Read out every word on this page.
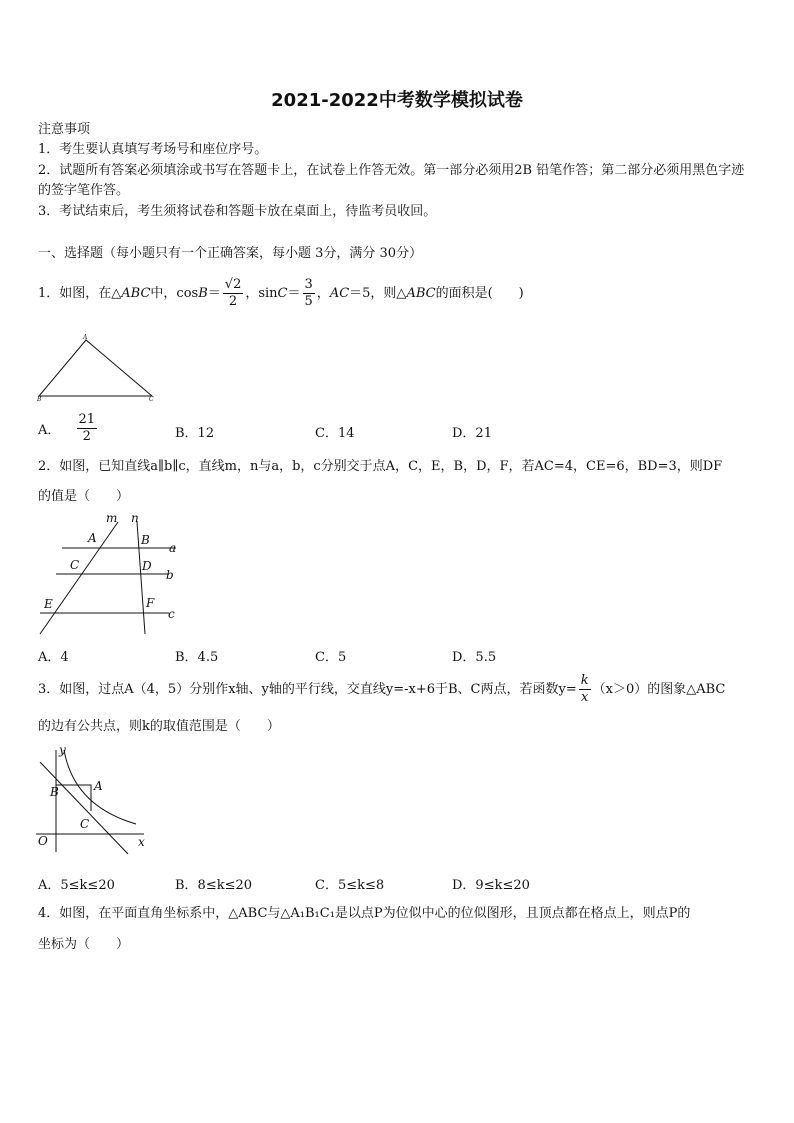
2021-2022中考数学模拟试卷
注意事项
1．考生要认真填写考场号和座位序号。
2．试题所有答案必须填涂或书写在答题卡上，在试卷上作答无效。第一部分必须用2B 铅笔作答；第二部分必须用黑色字迹的签字笔作答。
3．考试结束后，考生须将试卷和答题卡放在桌面上，待监考员收回。
一、选择题（每小题只有一个正确答案，每小题 3分，满分 30分）
1．如图，在△ABC中，$\cos B= \frac{√2}{2}$ ，$\sin C= \frac{3}{5}$ ，AC＝5，则△ABC的面积是(　　)
A
B	C
A． $\frac{21}{2}$	B．12	C．14	D．21
2．如图，已知直线a∥b∥c，直线m，n与a，b，c分别交于点A，C，E，B，D，F，若AC=4，CE=6，BD=3，则DF
的值是（　　）
m n
A	B
a
C	D
b
E	F
c
A．4	B．4.5	C．5	D．5.5
3．如图，过点A（4，5）分别作x轴、y轴的平行线，交直线y=-x+6于B、C两点，若函数$y= \frac{k}{x} (x>0)$的图象△ABC
的边有公共点，则k的取值范围是（　　）
y
A
B
C
O	x
A．5≤k≤20	B．8≤k≤20	C．5≤k≤8	D．9≤k≤20
4．如图，在平面直角坐标系中，△ABC与△A₁B₁C₁是以点P为位似中心的位似图形，且顶点都在格点上，则点P的
坐标为（　　）
